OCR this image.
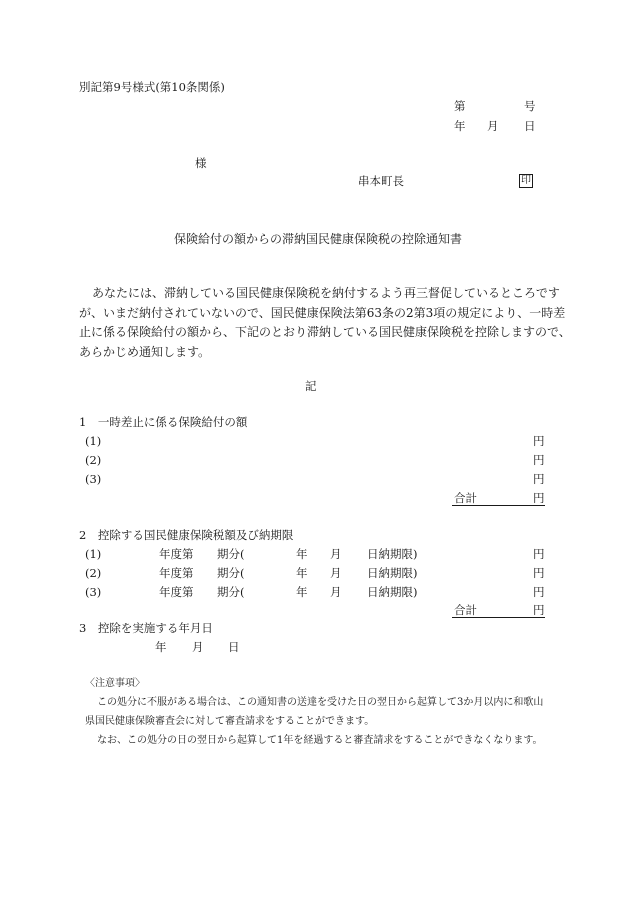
別記第9号様式(第10条関係)
第	号
年 月 日
様
串本町長	印
保険給付の額からの滞納国民健康保険税の控除通知書
あなたには、滞納している国民健康保険税を納付するよう再三督促しているところです
が、いまだ納付されていないので、国民健康保険法第63条の2第3項の規定により、一時差
止に係る保険給付の額から、下記のとおり滞納している国民健康保険税を控除しますので、
あらかじめ通知します。
記
1　一時差止に係る保険給付の額
(1)	円
(2)	円
(3)	円
合計	円
2　控除する国民健康保険税額及び納期限
(1)	年度第 期分(	年 月 日納期限)	円
(2)	年度第 期分(	年 月 日納期限)	円
(3)	年度第 期分(	年 月 日納期限)	円
合計	円
3　控除を実施する年月日
年 月 日
〈注意事項〉
この処分に不服がある場合は、この通知書の送達を受けた日の翌日から起算して3か月以内に和歌山
県国民健康保険審査会に対して審査請求をすることができます。
なお、この処分の日の翌日から起算して1年を経過すると審査請求をすることができなくなります。
